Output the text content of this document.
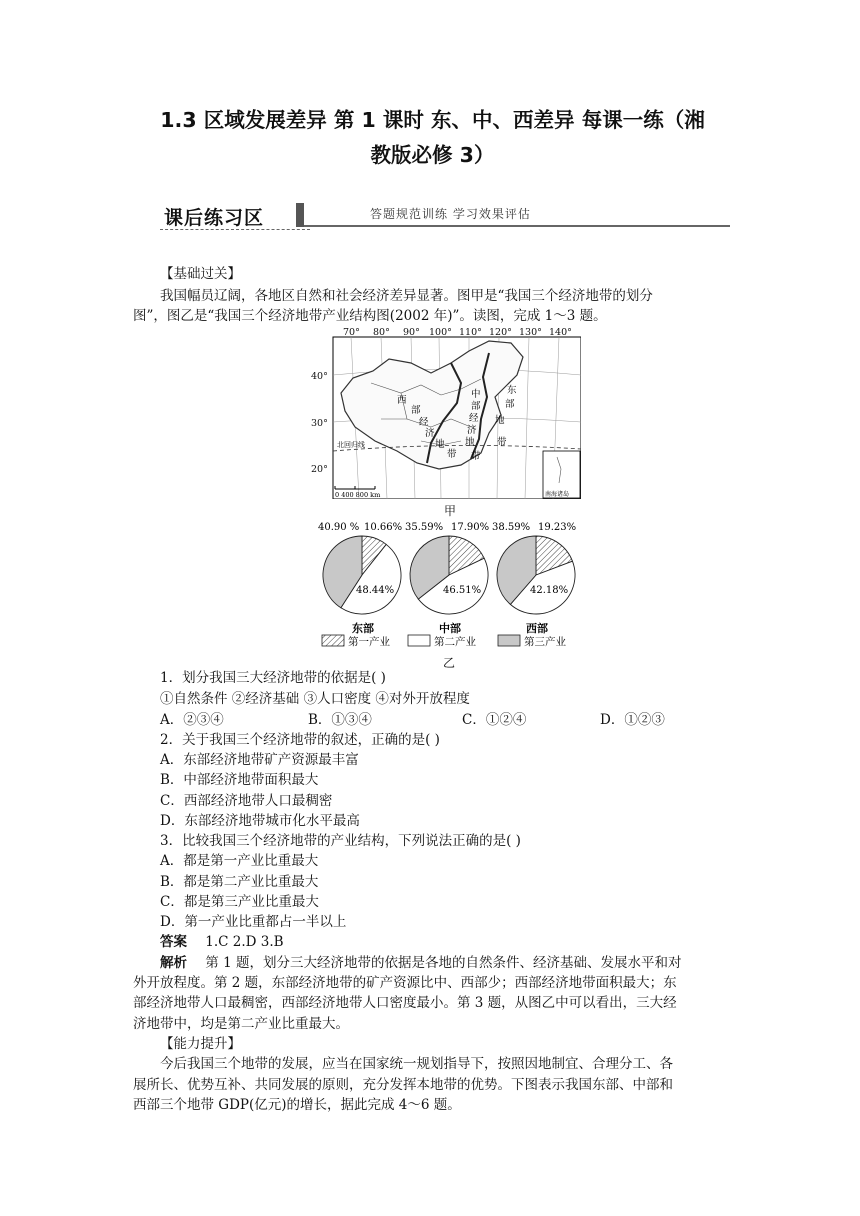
1.3 区域发展差异 第 1 课时 东、中、西差异 每课一练（湘
教版必修 3）
课后练习区	答题规范训练 学习效果评估
【基础过关】
我国幅员辽阔，各地区自然和社会经济差异显著。图甲是“我国三个经济地带的划分
图”，图乙是“我国三个经济地带产业结构图(2002 年)”。读图，完成 1～3 题。
70° 80° 90° 100° 110° 120° 130° 140°
40°
30°
20°
北回归线
西
部
经
济
地
带
中
部
经
济
地
带
东
部
地
带
0 400 800 km	南海诸岛
甲
40.90 % 10.66%
48.44%
东部
35.59% 17.90%
46.51%
中部
38.59% 19.23%
42.18%
西部
第一产业	第二产业	第三产业
乙
1．划分我国三大经济地带的依据是( )
①自然条件 ②经济基础 ③人口密度 ④对外开放程度
A．②③④	B．①③④	C．①②④	D．①②③
2．关于我国三个经济地带的叙述，正确的是( )
A．东部经济地带矿产资源最丰富
B．中部经济地带面积最大
C．西部经济地带人口最稠密
D．东部经济地带城市化水平最高
3．比较我国三个经济地带的产业结构，下列说法正确的是( )
A．都是第一产业比重最大
B．都是第二产业比重最大
C．都是第三产业比重最大
D．第一产业比重都占一半以上
答案 1.C 2.D 3.B
解析 第 1 题，划分三大经济地带的依据是各地的自然条件、经济基础、发展水平和对
外开放程度。第 2 题，东部经济地带的矿产资源比中、西部少；西部经济地带面积最大；东
部经济地带人口最稠密，西部经济地带人口密度最小。第 3 题，从图乙中可以看出，三大经
济地带中，均是第二产业比重最大。
【能力提升】
今后我国三个地带的发展，应当在国家统一规划指导下，按照因地制宜、合理分工、各
展所长、优势互补、共同发展的原则，充分发挥本地带的优势。下图表示我国东部、中部和
西部三个地带 GDP(亿元)的增长，据此完成 4～6 题。
